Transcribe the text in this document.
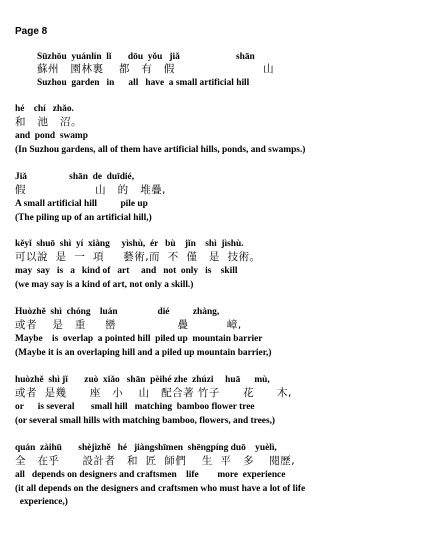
Page 8
Sūzhōu  yuánlín  lǐ       dōu  yǒu   jiǎ                        shān
蘇州   園林裏    都   有   假                       山
Suzhou  garden   in      all   have  a small artificial hill
hé    chí   zhǎo.
和   池   沼。
and  pond  swamp
(In Suzhou gardens, all of them have artificial hills, ponds, and swamps.)
Jiǎ                  shān  de  duīdié,
假                  山   的   堆疊,
A small artificial hill          pile up
(The piling up of an artificial hill,)
kěyǐ  shuō  shì  yí  xiàng     yìshù,  ér   bù    jǐn    shì  jìshù.
可以說  是  一  項     藝術,而  不  僅   是  技術。
may  say   is   a   kind of   art     and   not  only   is    skill
(we may say is a kind of art, not only a skill.)
Huòzhě  shì  chóng    luán                 dié          zhàng,
或者    是   重     巒                疊          嶂,
Maybe    is  overlap  a pointed hill  piled up  mountain barrier
(Maybe it is an overlaping hill and a piled up mountain barrier,)
huòzhě  shì jǐ       zuò  xiǎo   shān  pèihé zhe  zhúzi     huā      mù,
或者  是幾      座   小    山   配合著 竹子      花      木,
or      is several       small hill   matching  bamboo flower tree
(or several small hills with matching bamboo, flowers, and trees,)
quán  zàihū       shèjìzhě   hé   jiàngshīmen  shēngpíng duō    yuèlì,
全   在乎      設計者   和  匠  師們    生  平   多    閱歷,
all   depends on designers and craftsmen    life        more  experience
(it all depends on the designers and craftsmen who must have a lot of life
experience,)
